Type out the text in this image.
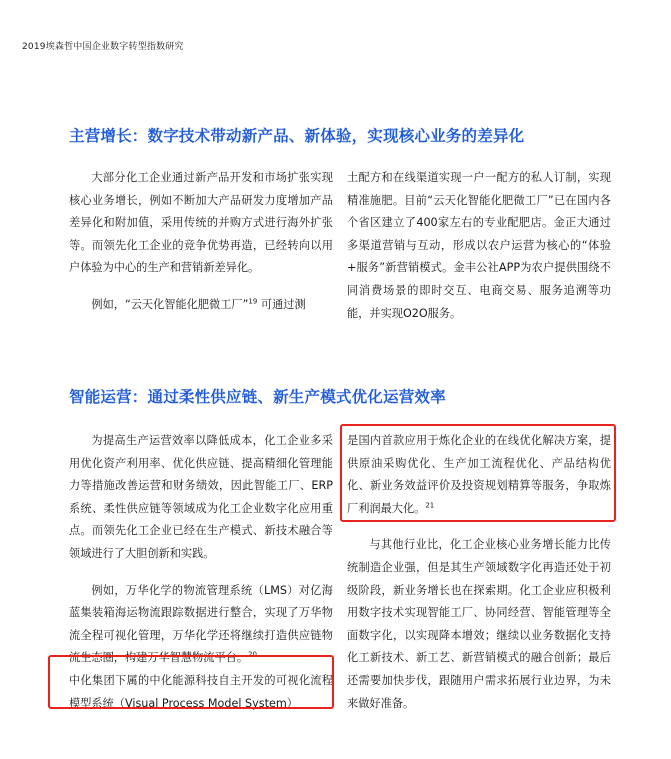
2019埃森哲中国企业数字转型指数研究
主营增长：数字技术带动新产品、新体验，实现核心业务的差异化

大部分化工企业通过新产品开发和市场扩张实现核心业务增长，例如不断加大产品研发力度增加产品差异化和附加值，采用传统的并购方式进行海外扩张等。而领先化工企业的竞争优势再造，已经转向以用户体验为中心的生产和营销新差异化。

例如，“云天化智能化肥微工厂”$^{19}$ 可通过测

土配方和在线渠道实现一户一配方的私人订制，实现精准施肥。目前“云天化智能化肥微工厂”已在国内各个省区建立了400家左右的专业配肥店。金正大通过多渠道营销与互动，形成以农户运营为核心的“体验+服务”新营销模式。金丰公社APP为农户提供围绕不同消费场景的即时交互、电商交易、服务追溯等功能，并实现O2O服务。

智能运营：通过柔性供应链、新生产模式优化运营效率

为提高生产运营效率以降低成本，化工企业多采用优化资产利用率、优化供应链、提高精细化管理能力等措施改善运营和财务绩效，因此智能工厂、ERP系统、柔性供应链等领域成为化工企业数字化应用重点。而领先化工企业已经在生产模式、新技术融合等领域进行了大胆创新和实践。

例如，万华化学的物流管理系统（LMS）对亿海蓝集装箱海运物流跟踪数据进行整合，实现了万华物流全程可视化管理，万华化学还将继续打造供应链物流生态圈，构建万华智慧物流平台。$^{20}$

中化集团下属的中化能源科技自主开发的可视化流程模型系统（Visual Process Model System）

是国内首款应用于炼化企业的在线优化解决方案，提供原油采购优化、生产加工流程优化、产品结构优化、新业务效益评价及投资规划精算等服务，争取炼厂利润最大化。$^{21}$

与其他行业比，化工企业核心业务增长能力比传统制造企业强，但是其生产领域数字化再造还处于初级阶段，新业务增长也在探索期。化工企业应积极利用数字技术实现智能工厂、协同经营、智能管理等全面数字化，以实现降本增效；继续以业务数据化支持化工新技术、新工艺、新营销模式的融合创新；最后还需要加快步伐，跟随用户需求拓展行业边界，为未来做好准备。
